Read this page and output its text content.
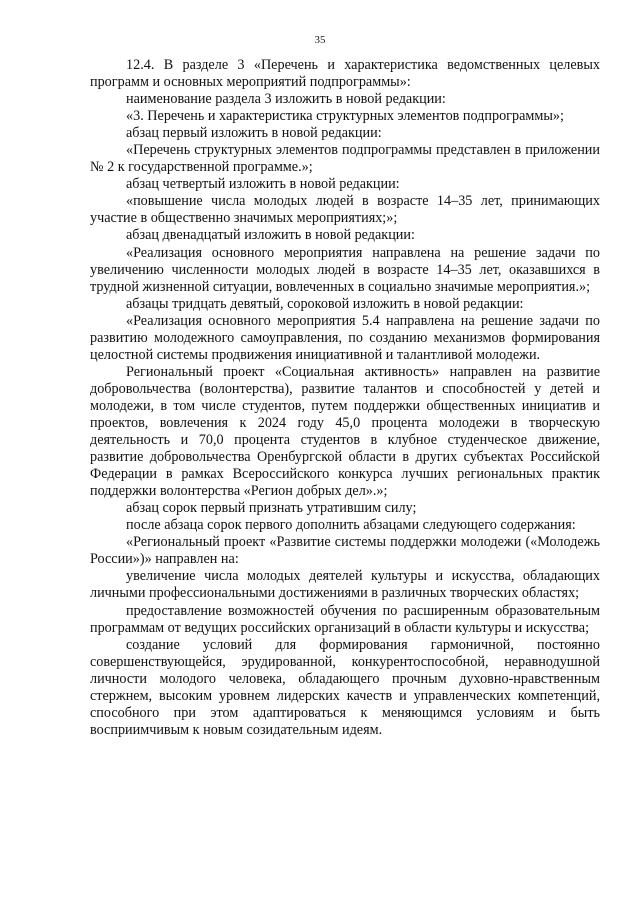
35

12.4. В разделе 3 «Перечень и характеристика ведомственных целевых программ и основных мероприятий подпрограммы»:

наименование раздела 3 изложить в новой редакции:

«3. Перечень и характеристика структурных элементов подпрограммы»;

абзац первый изложить в новой редакции:

«Перечень структурных элементов подпрограммы представлен в приложении № 2 к государственной программе.»;

абзац четвертый изложить в новой редакции:

«повышение числа молодых людей в возрасте 14–35 лет, принимающих участие в общественно значимых мероприятиях;»;

абзац двенадцатый изложить в новой редакции:

«Реализация основного мероприятия направлена на решение задачи по увеличению численности молодых людей в возрасте 14–35 лет, оказавшихся в трудной жизненной ситуации, вовлеченных в социально значимые мероприятия.»;

абзацы тридцать девятый, сороковой изложить в новой редакции:

«Реализация основного мероприятия 5.4 направлена на решение задачи по развитию молодежного самоуправления, по созданию механизмов формирования целостной системы продвижения инициативной и талантливой молодежи.

Региональный проект «Социальная активность» направлен на развитие добровольчества (волонтерства), развитие талантов и способностей у детей и молодежи, в том числе студентов, путем поддержки общественных инициатив и проектов, вовлечения к 2024 году 45,0 процента молодежи в творческую деятельность и 70,0 процента студентов в клубное студенческое движение, развитие добровольчества Оренбургской области в других субъектах Российской Федерации в рамках Всероссийского конкурса лучших региональных практик поддержки волонтерства «Регион добрых дел».»;

абзац сорок первый признать утратившим силу;

после абзаца сорок первого дополнить абзацами следующего содержания:

«Региональный проект «Развитие системы поддержки молодежи («Молодежь России»)» направлен на:

увеличение числа молодых деятелей культуры и искусства, обладающих личными профессиональными достижениями в различных творческих областях;

предоставление возможностей обучения по расширенным образовательным программам от ведущих российских организаций в области культуры и искусства;

создание условий для формирования гармоничной, постоянно совершенствующейся, эрудированной, конкурентоспособной, неравнодушной личности молодого человека, обладающего прочным духовно-нравственным стержнем, высоким уровнем лидерских качеств и управленческих компетенций, способного при этом адаптироваться к меняющимся условиям и быть восприимчивым к новым созидательным идеям.
